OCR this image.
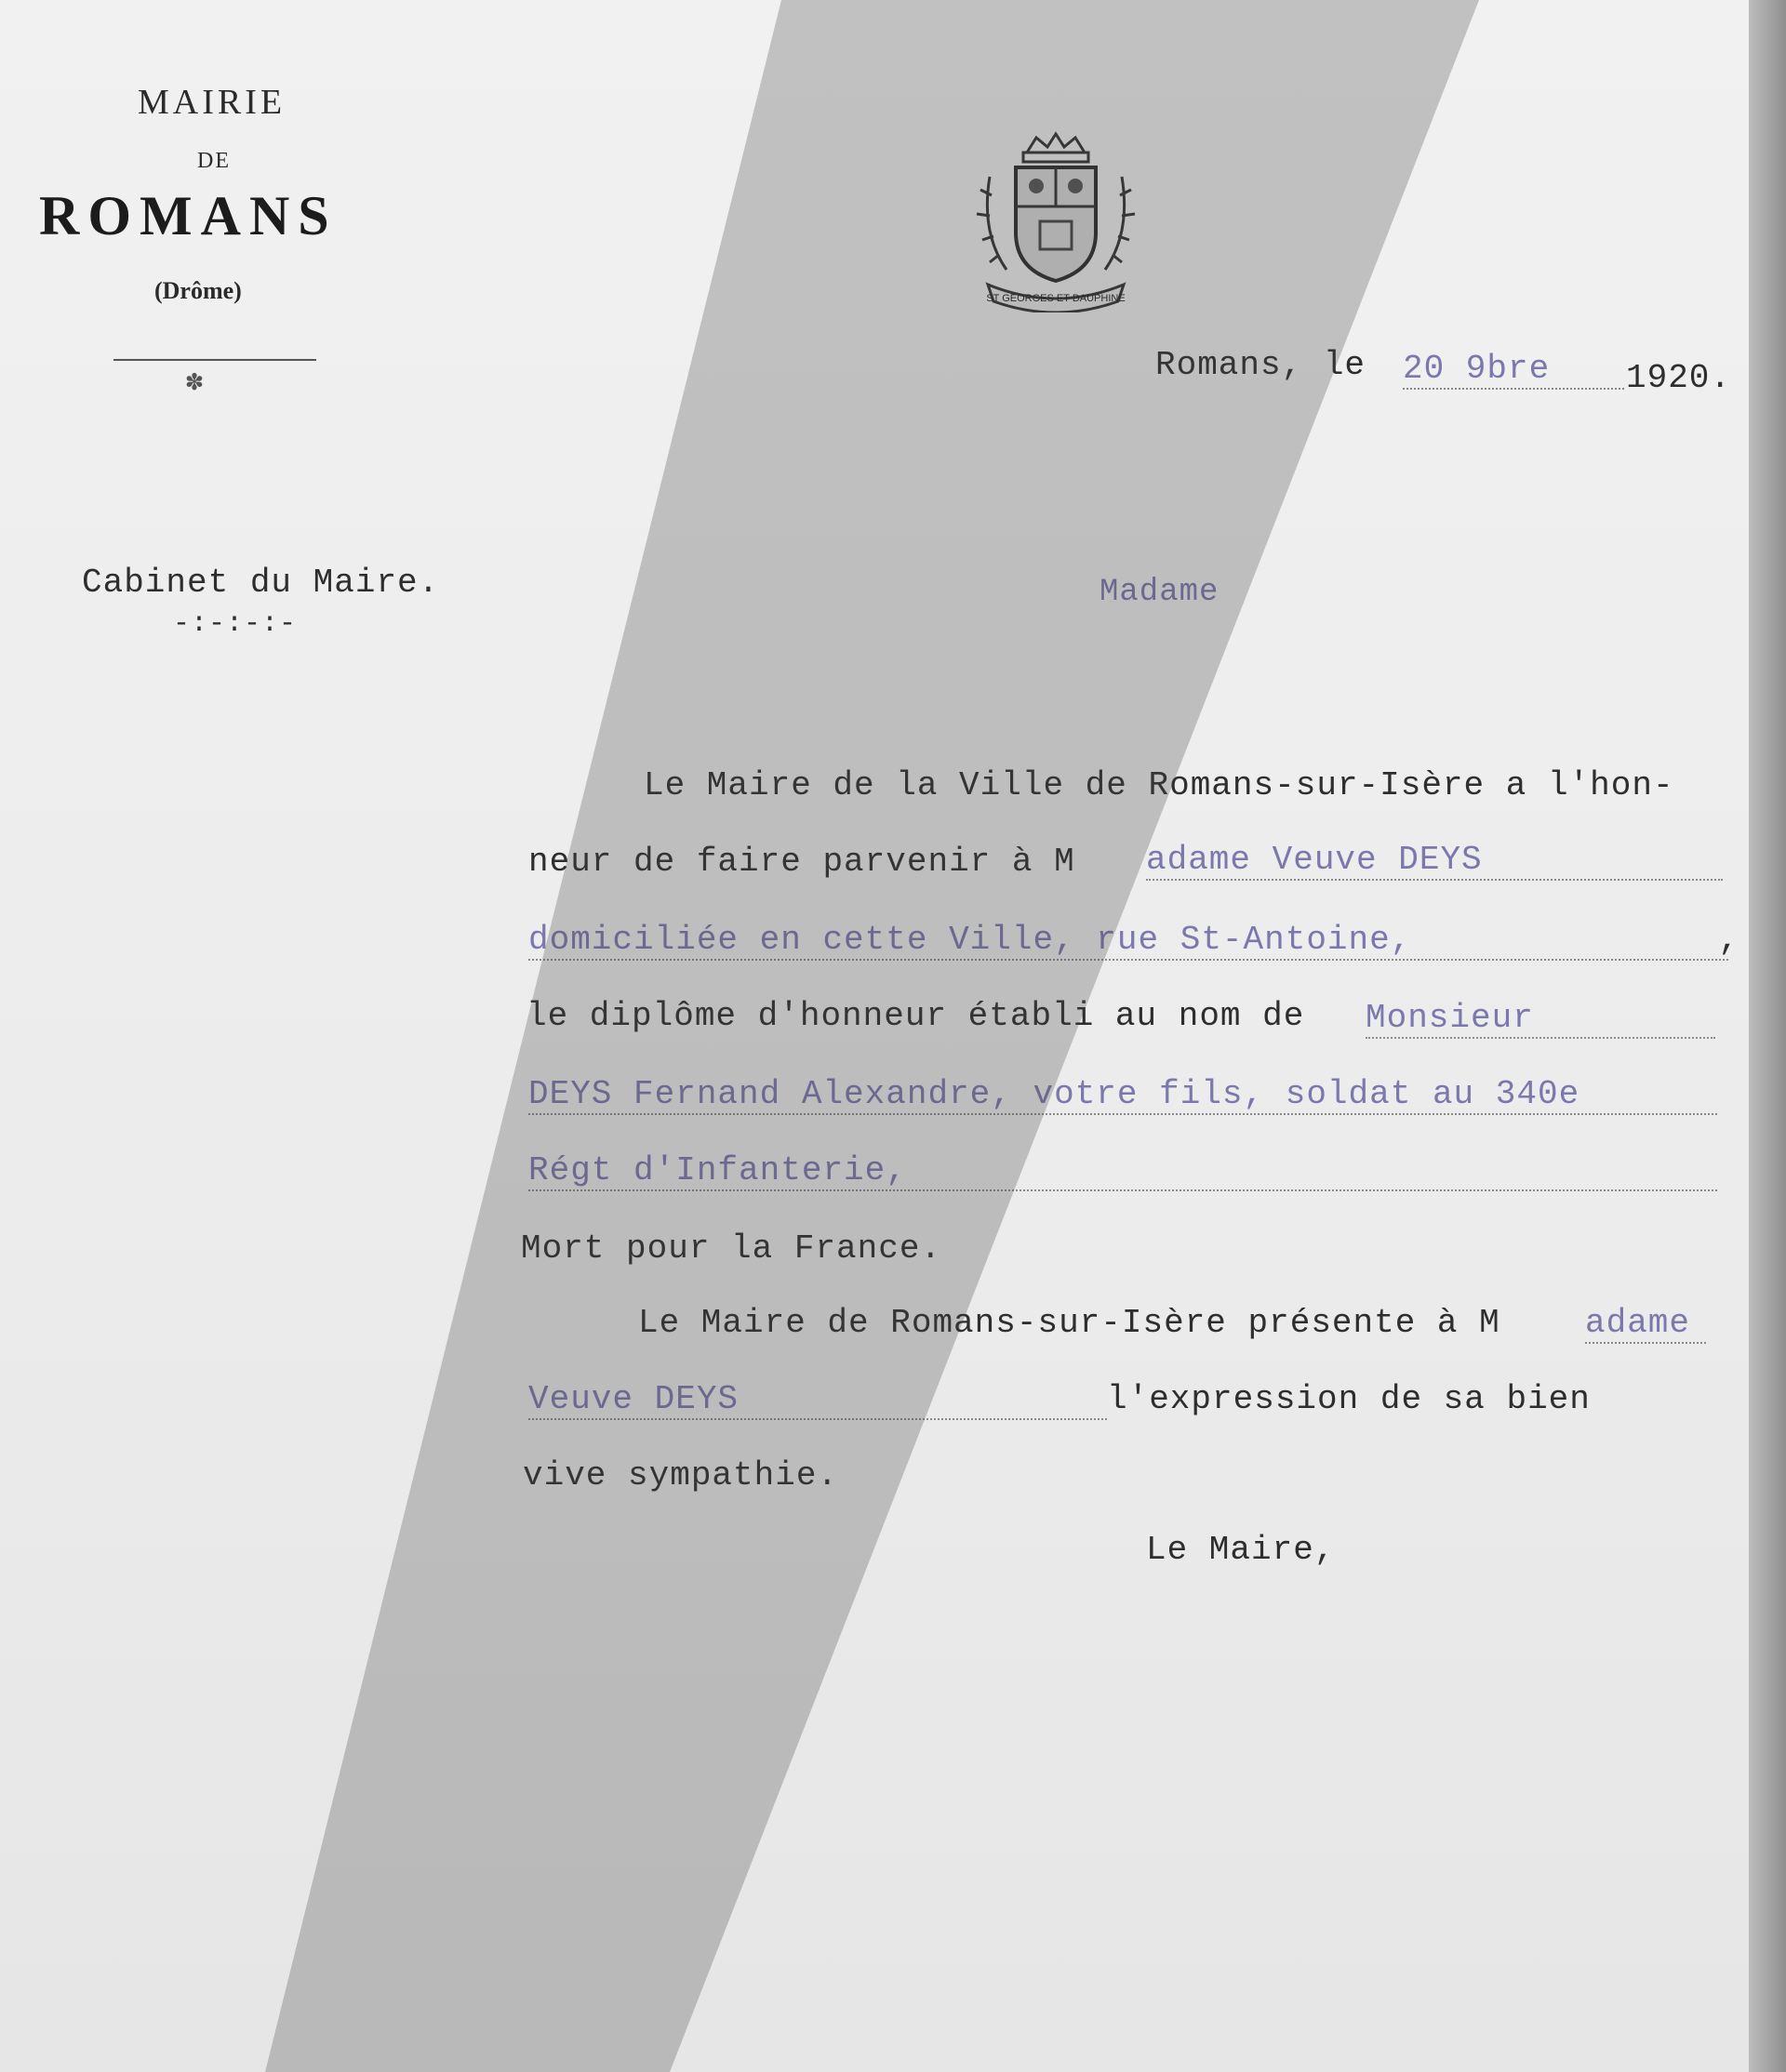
MAIRIE
DE
ROMANS
(Drôme)
✽
ST GEORGES ET DAUPHINE
Romans, le 20 9bre	1920.
Cabinet du Maire.
-:-:-:-
Madame
Le Maire de la Ville de Romans-sur-Isère a l'hon-
neur de faire parvenir à M adame Veuve DEYS
domiciliée en cette Ville, rue St-Antoine,	,
le diplôme d'honneur établi au nom de Monsieur
DEYS Fernand Alexandre, votre fils, soldat au 340e
Régt d'Infanterie,
Mort pour la France.
Le Maire de Romans-sur-Isère présente à M	adame
Veuve DEYS	l'expression de sa bien
vive sympathie.
Le Maire,
